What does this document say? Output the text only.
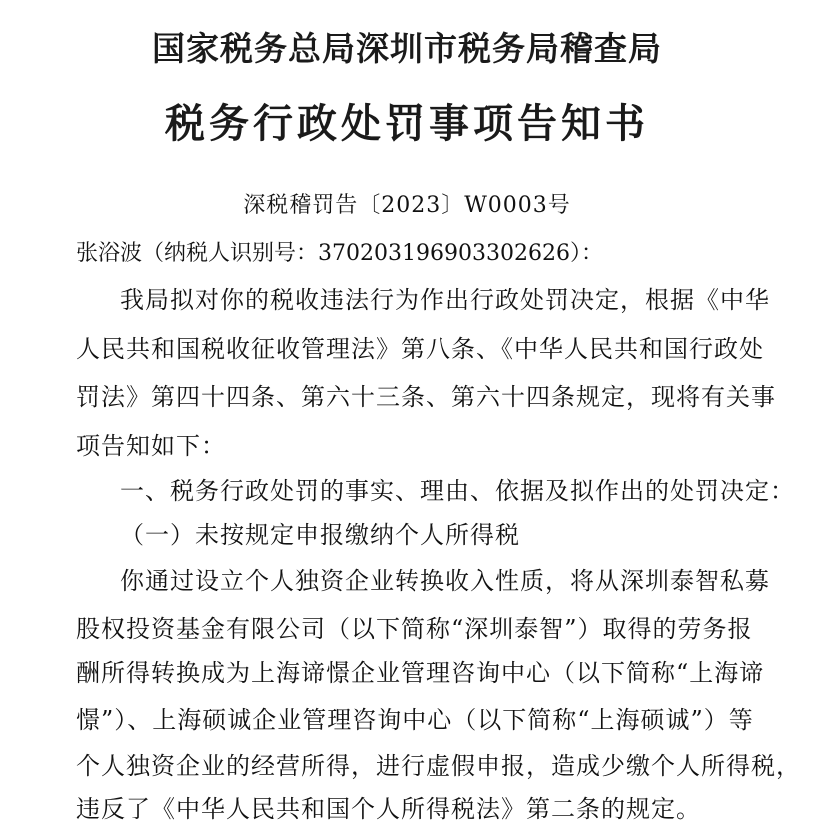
国家税务总局深圳市税务局稽查局
税务行政处罚事项告知书
深税稽罚告〔2023〕W0003号
张浴波（纳税人识别号：370203196903302626）：
我局拟对你的税收违法行为作出行政处罚决定，根据《中华
人民共和国税收征收管理法》第八条、《中华人民共和国行政处
罚法》第四十四条、第六十三条、第六十四条规定，现将有关事
项告知如下：
一、税务行政处罚的事实、理由、依据及拟作出的处罚决定：
（一）未按规定申报缴纳个人所得税
你通过设立个人独资企业转换收入性质，将从深圳泰智私募
股权投资基金有限公司（以下简称“深圳泰智”）取得的劳务报
酬所得转换成为上海谛憬企业管理咨询中心（以下简称“上海谛
憬”）、上海硕诚企业管理咨询中心（以下简称“上海硕诚”）等
个人独资企业的经营所得，进行虚假申报，造成少缴个人所得税，
违反了《中华人民共和国个人所得税法》第二条的规定。
